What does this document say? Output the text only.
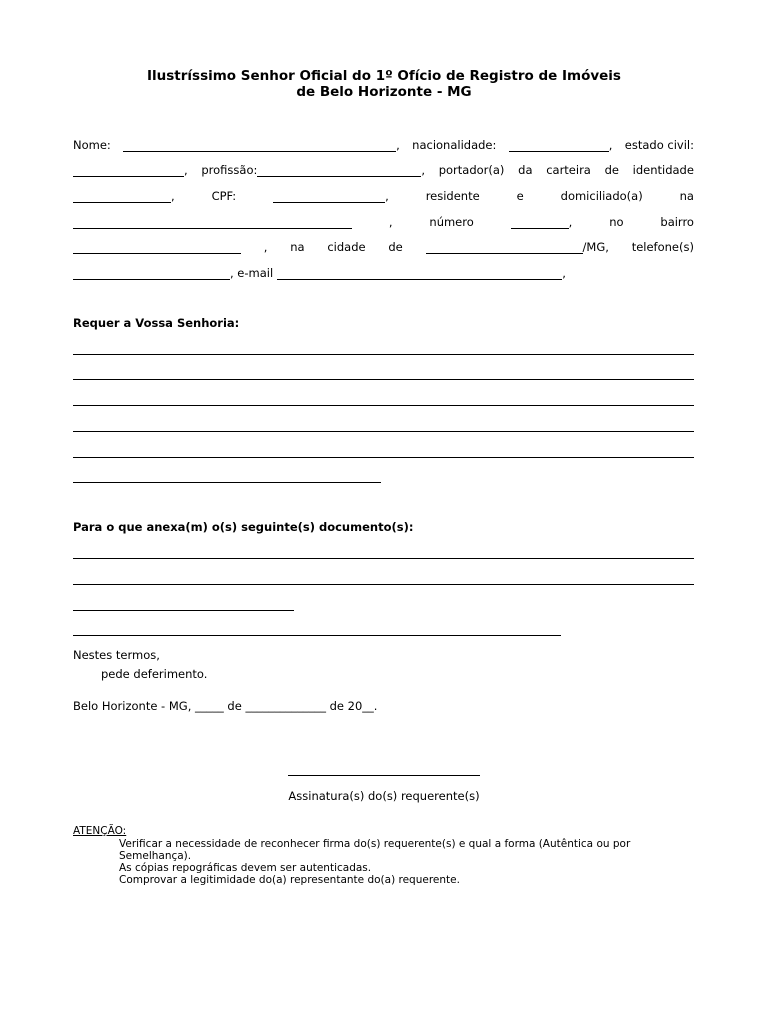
Ilustríssimo Senhor Oficial do 1º Ofício de Registro de Imóveis
de Belo Horizonte - MG
Nome:	, nacionalidade:	, estado civil:
, profissão:	, portador(a) da carteira de identidade
,	CPF:	,	residente	e	domiciliado(a)	na
,	número	,	no	bairro
, na cidade de	/MG, telefone(s)
, e-mail	,
Requer a Vossa Senhoria:
Para o que anexa(m) o(s) seguinte(s) documento(s):
Nestes termos,
pede deferimento.
Belo Horizonte - MG, _____ de ______________ de 20__.
Assinatura(s) do(s) requerente(s)
ATENÇÃO:
Verificar a necessidade de reconhecer firma do(s) requerente(s) e qual a forma (Autêntica ou por
Semelhança).
As cópias repográficas devem ser autenticadas.
Comprovar a legitimidade do(a) representante do(a) requerente.
